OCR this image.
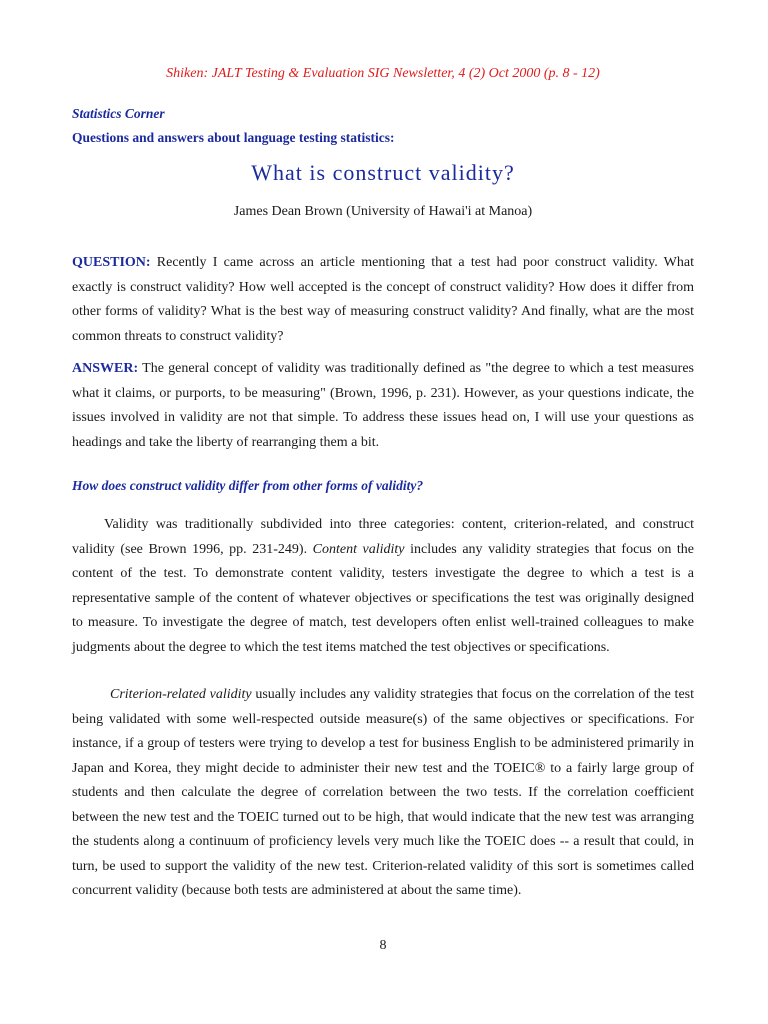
Shiken: JALT Testing & Evaluation SIG Newsletter, 4 (2) Oct 2000 (p. 8 - 12)
Statistics Corner
Questions and answers about language testing statistics:
What is construct validity?
James Dean Brown (University of Hawai'i at Manoa)
QUESTION: Recently I came across an article mentioning that a test had poor construct validity. What exactly is construct validity? How well accepted is the concept of construct validity? How does it differ from other forms of validity? What is the best way of measuring construct validity? And finally, what are the most common threats to construct validity?
ANSWER: The general concept of validity was traditionally defined as "the degree to which a test measures what it claims, or purports, to be measuring" (Brown, 1996, p. 231). However, as your questions indicate, the issues involved in validity are not that simple. To address these issues head on, I will use your questions as headings and take the liberty of rearranging them a bit.
How does construct validity differ from other forms of validity?
Validity was traditionally subdivided into three categories: content, criterion-related, and construct validity (see Brown 1996, pp. 231-249). Content validity includes any validity strategies that focus on the content of the test. To demonstrate content validity, testers investigate the degree to which a test is a representative sample of the content of whatever objectives or specifications the test was originally designed to measure. To investigate the degree of match, test developers often enlist well-trained colleagues to make judgments about the degree to which the test items matched the test objectives or specifications.
Criterion-related validity usually includes any validity strategies that focus on the correlation of the test being validated with some well-respected outside measure(s) of the same objectives or specifications. For instance, if a group of testers were trying to develop a test for business English to be administered primarily in Japan and Korea, they might decide to administer their new test and the TOEIC® to a fairly large group of students and then calculate the degree of correlation between the two tests. If the correlation coefficient between the new test and the TOEIC turned out to be high, that would indicate that the new test was arranging the students along a continuum of proficiency levels very much like the TOEIC does -- a result that could, in turn, be used to support the validity of the new test. Criterion-related validity of this sort is sometimes called concurrent validity (because both tests are administered at about the same time).
8
